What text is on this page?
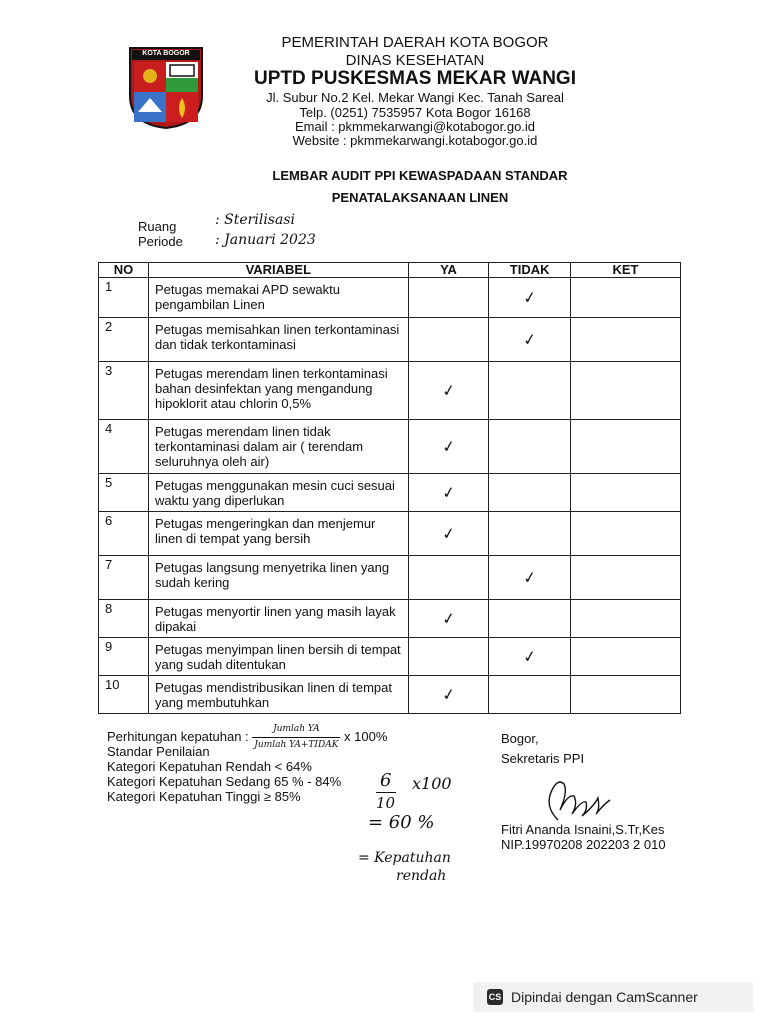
KOTA BOGOR
PEMERINTAH DAERAH KOTA BOGOR
DINAS KESEHATAN
UPTD PUSKESMAS MEKAR WANGI
Jl. Subur No.2 Kel. Mekar Wangi Kec. Tanah Sareal
Telp. (0251) 7535957 Kota Bogor 16168
Email : pkmmekarwangi@kotabogor.go.id
Website : pkmmekarwangi.kotabogor.go.id
LEMBAR AUDIT PPI KEWASPADAAN STANDAR
PENATALAKSANAAN LINEN
Ruang	: Sterilisasi
Periode : Januari 2023
NO	VARIABEL	YA	TIDAK	KET
1	Petugas memakai APD sewaktu pengambilan Linen		✓	
2	Petugas memisahkan linen terkontaminasi dan tidak terkontaminasi		✓	
3	Petugas merendam linen terkontaminasi bahan desinfektan yang mengandung hipoklorit atau chlorin 0,5%	✓		
4	Petugas merendam linen tidak terkontaminasi dalam air ( terendam seluruhnya oleh air)	✓		
5	Petugas menggunakan mesin cuci sesuai waktu yang diperlukan	✓		
6	Petugas mengeringkan dan menjemur linen di tempat yang bersih	✓		
7	Petugas langsung menyetrika linen yang sudah kering		✓	
8	Petugas menyortir linen yang masih layak dipakai	✓		
9	Petugas menyimpan linen bersih di tempat yang sudah ditentukan		✓	
10	Petugas mendistribusikan linen di tempat yang membutuhkan	✓		
Perhitungan kepatuhan : $\frac{\text{Jumlah YA}}{\text{Jumlah YA+TIDAK}}$ x 100%
Standar Penilaian
Kategori Kepatuhan Rendah < 64%
Kategori Kepatuhan Sedang 65 % - 84%
Kategori Kepatuhan Tinggi ≥ 85%
6
10
x100
= 60 %
= Kepatuhan
rendah
Bogor,
Sekretaris PPI
Fitri Ananda Isnaini,S.Tr,Kes
NIP.19970208 202203 2 010
CS Dipindai dengan CamScanner
